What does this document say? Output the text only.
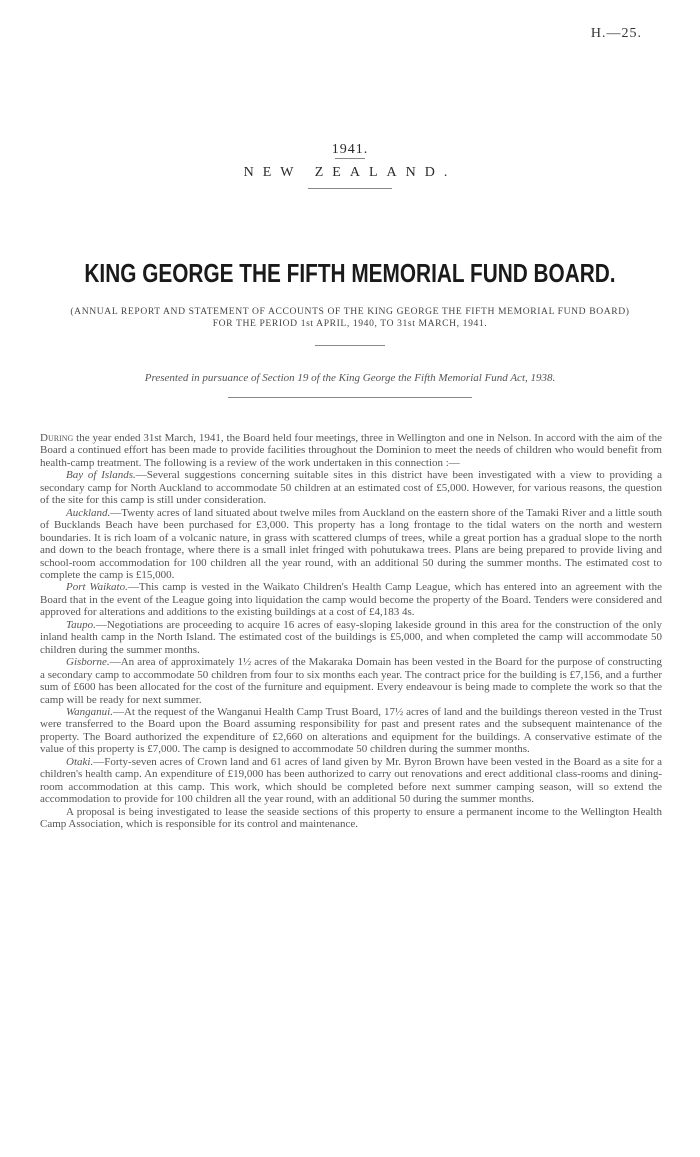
H.—25.
1941.
NEW ZEALAND.
KING GEORGE THE FIFTH MEMORIAL FUND BOARD.
(ANNUAL REPORT AND STATEMENT OF ACCOUNTS OF THE KING GEORGE THE FIFTH MEMORIAL FUND BOARD) FOR THE PERIOD 1st APRIL, 1940, TO 31st MARCH, 1941.
Presented in pursuance of Section 19 of the King George the Fifth Memorial Fund Act, 1938.

During the year ended 31st March, 1941, the Board held four meetings, three in Wellington and one in Nelson. In accord with the aim of the Board a continued effort has been made to provide facilities throughout the Dominion to meet the needs of children who would benefit from health-camp treatment. The following is a review of the work undertaken in this connection :—

Bay of Islands.—Several suggestions concerning suitable sites in this district have been investigated with a view to providing a secondary camp for North Auckland to accommodate 50 children at an estimated cost of £5,000. However, for various reasons, the question of the site for this camp is still under consideration.

Auckland.—Twenty acres of land situated about twelve miles from Auckland on the eastern shore of the Tamaki River and a little south of Bucklands Beach have been purchased for £3,000. This property has a long frontage to the tidal waters on the north and western boundaries. It is rich loam of a volcanic nature, in grass with scattered clumps of trees, while a great portion has a gradual slope to the north and down to the beach frontage, where there is a small inlet fringed with pohutukawa trees. Plans are being prepared to provide living and school-room accommodation for 100 children all the year round, with an additional 50 during the summer months. The estimated cost to complete the camp is £15,000.

Port Waikato.—This camp is vested in the Waikato Children's Health Camp League, which has entered into an agreement with the Board that in the event of the League going into liquidation the camp would become the property of the Board. Tenders were considered and approved for alterations and additions to the existing buildings at a cost of £4,183 4s.

Taupo.—Negotiations are proceeding to acquire 16 acres of easy-sloping lakeside ground in this area for the construction of the only inland health camp in the North Island. The estimated cost of the buildings is £5,000, and when completed the camp will accommodate 50 children during the summer months.

Gisborne.—An area of approximately 1½ acres of the Makaraka Domain has been vested in the Board for the purpose of constructing a secondary camp to accommodate 50 children from four to six months each year. The contract price for the building is £7,156, and a further sum of £600 has been allocated for the cost of the furniture and equipment. Every endeavour is being made to complete the work so that the camp will be ready for next summer.

Wanganui.—At the request of the Wanganui Health Camp Trust Board, 17½ acres of land and the buildings thereon vested in the Trust were transferred to the Board upon the Board assuming responsibility for past and present rates and the subsequent maintenance of the property. The Board authorized the expenditure of £2,660 on alterations and equipment for the buildings. A conservative estimate of the value of this property is £7,000. The camp is designed to accommodate 50 children during the summer months.

Otaki.—Forty-seven acres of Crown land and 61 acres of land given by Mr. Byron Brown have been vested in the Board as a site for a children's health camp. An expenditure of £19,000 has been authorized to carry out renovations and erect additional class-rooms and dining-room accommodation at this camp. This work, which should be completed before next summer camping season, will so extend the accommodation to provide for 100 children all the year round, with an additional 50 during the summer months.

A proposal is being investigated to lease the seaside sections of this property to ensure a permanent income to the Wellington Health Camp Association, which is responsible for its control and maintenance.
